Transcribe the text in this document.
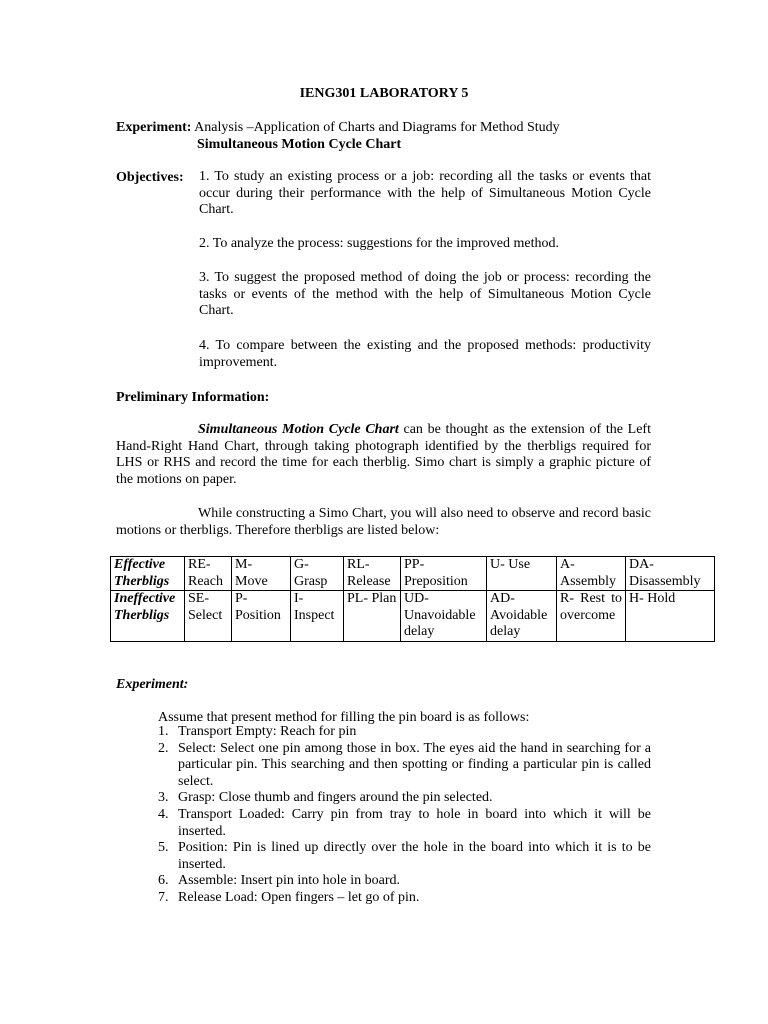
IENG301 LABORATORY 5
Experiment: Analysis –Application of Charts and Diagrams for Method Study
Simultaneous Motion Cycle Chart
Objectives: 1. To study an existing process or a job: recording all the tasks or events that occur during their performance with the help of Simultaneous Motion Cycle Chart.
2. To analyze the process: suggestions for the improved method.
3. To suggest the proposed method of doing the job or process: recording the tasks or events of the method with the help of Simultaneous Motion Cycle Chart.
4. To compare between the existing and the proposed methods: productivity improvement.
Preliminary Information:
Simultaneous Motion Cycle Chart can be thought as the extension of the Left Hand-Right Hand Chart, through taking photograph identified by the therbligs required for LHS or RHS and record the time for each therblig. Simo chart is simply a graphic picture of the motions on paper.
While constructing a Simo Chart, you will also need to observe and record basic motions or therbligs. Therefore therbligs are listed below:
Effective Therbligs	RE- Reach	M- Move	G- Grasp	RL- Release	PP- Preposition	U- Use	A- Assembly	DA- Disassembly
Ineffective Therbligs	SE- Select	P- Position	I- Inspect	PL- Plan	UD- Unavoidable delay	AD- Avoidable delay	R- Rest to overcome	H- Hold
Experiment:
Assume that present method for filling the pin board is as follows:
1. Transport Empty: Reach for pin
2. Select: Select one pin among those in box. The eyes aid the hand in searching for a particular pin. This searching and then spotting or finding a particular pin is called select.
3. Grasp: Close thumb and fingers around the pin selected.
4. Transport Loaded: Carry pin from tray to hole in board into which it will be inserted.
5. Position: Pin is lined up directly over the hole in the board into which it is to be inserted.
6. Assemble: Insert pin into hole in board.
7. Release Load: Open fingers – let go of pin.
